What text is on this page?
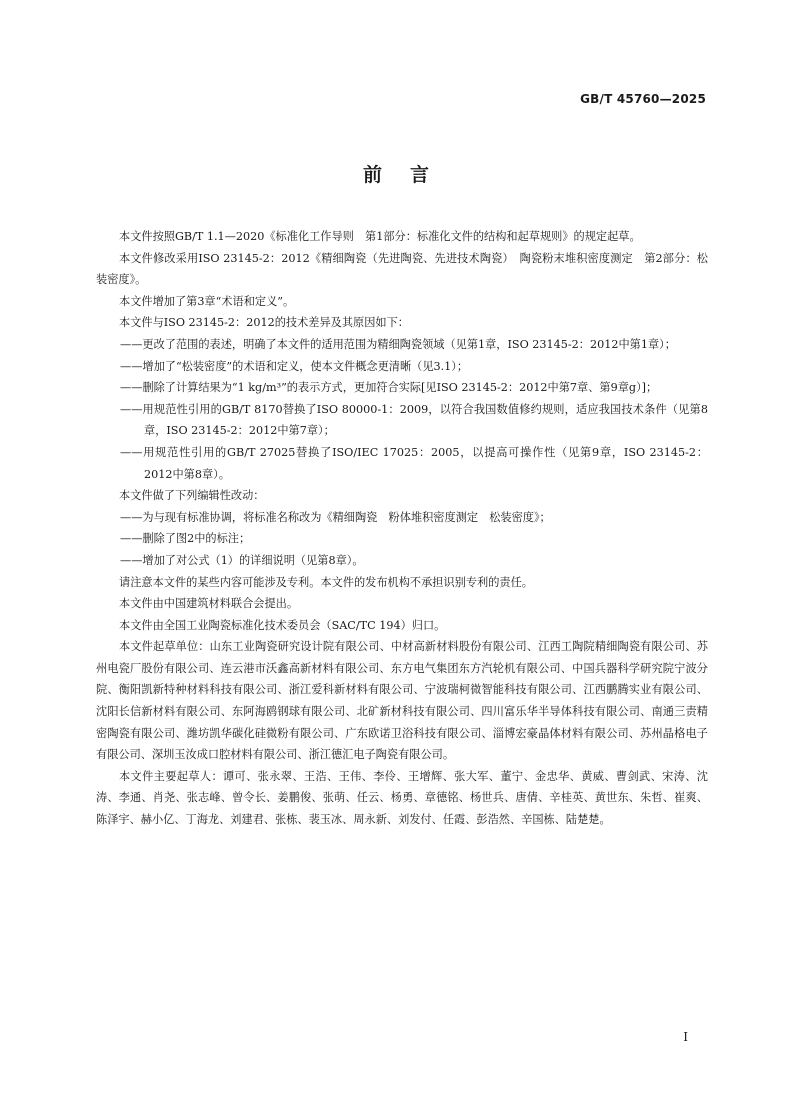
GB/T 45760—2025
前言

本文件按照GB/T 1.1—2020《标准化工作导则　第1部分：标准化文件的结构和起草规则》的规定起草。

本文件修改采用ISO 23145-2：2012《精细陶瓷（先进陶瓷、先进技术陶瓷）　陶瓷粉末堆积密度测定　第2部分：松装密度》。

本文件增加了第3章“术语和定义”。

本文件与ISO 23145-2：2012的技术差异及其原因如下：

——更改了范围的表述，明确了本文件的适用范围为精细陶瓷领域（见第1章，ISO 23145-2：2012中第1章）；

——增加了“松装密度”的术语和定义，使本文件概念更清晰（见3.1）；

——删除了计算结果为“1 kg/m³”的表示方式，更加符合实际[见ISO 23145-2：2012中第7章、第9章g）]；

——用规范性引用的GB/T 8170替换了ISO 80000-1：2009，以符合我国数值修约规则，适应我国技术条件（见第8章，ISO 23145-2：2012中第7章）；

——用规范性引用的GB/T 27025替换了ISO/IEC 17025：2005，以提高可操作性（见第9章，ISO 23145-2：2012中第8章）。

本文件做了下列编辑性改动：

——为与现有标准协调，将标准名称改为《精细陶瓷　粉体堆积密度测定　松装密度》；

——删除了图2中的标注；

——增加了对公式（1）的详细说明（见第8章）。

请注意本文件的某些内容可能涉及专利。本文件的发布机构不承担识别专利的责任。

本文件由中国建筑材料联合会提出。

本文件由全国工业陶瓷标准化技术委员会（SAC/TC 194）归口。

本文件起草单位：山东工业陶瓷研究设计院有限公司、中材高新材料股份有限公司、江西工陶院精细陶瓷有限公司、苏州电瓷厂股份有限公司、连云港市沃鑫高新材料有限公司、东方电气集团东方汽轮机有限公司、中国兵器科学研究院宁波分院、衡阳凯新特种材料科技有限公司、浙江爱科新材料有限公司、宁波瑞柯微智能科技有限公司、江西鹏腾实业有限公司、沈阳长信新材料有限公司、东阿海鸥钢球有限公司、北矿新材科技有限公司、四川富乐华半导体科技有限公司、南通三责精密陶瓷有限公司、潍坊凯华碳化硅微粉有限公司、广东欧诺卫浴科技有限公司、淄博宏豪晶体材料有限公司、苏州晶格电子有限公司、深圳玉汝成口腔材料有限公司、浙江德汇电子陶瓷有限公司。

本文件主要起草人：谭可、张永翠、王浩、王伟、李伶、王增辉、张大军、董宁、金忠华、黄威、曹剑武、宋涛、沈涛、李通、肖尧、张志峰、曾令长、姜鹏俊、张萌、任云、杨勇、章德铭、杨世兵、唐倩、辛桂英、黄世东、朱哲、崔爽、陈泽宇、赫小亿、丁海龙、刘建君、张栋、裴玉冰、周永新、刘发付、任霞、彭浩然、辛国栋、陆楚楚。

I
